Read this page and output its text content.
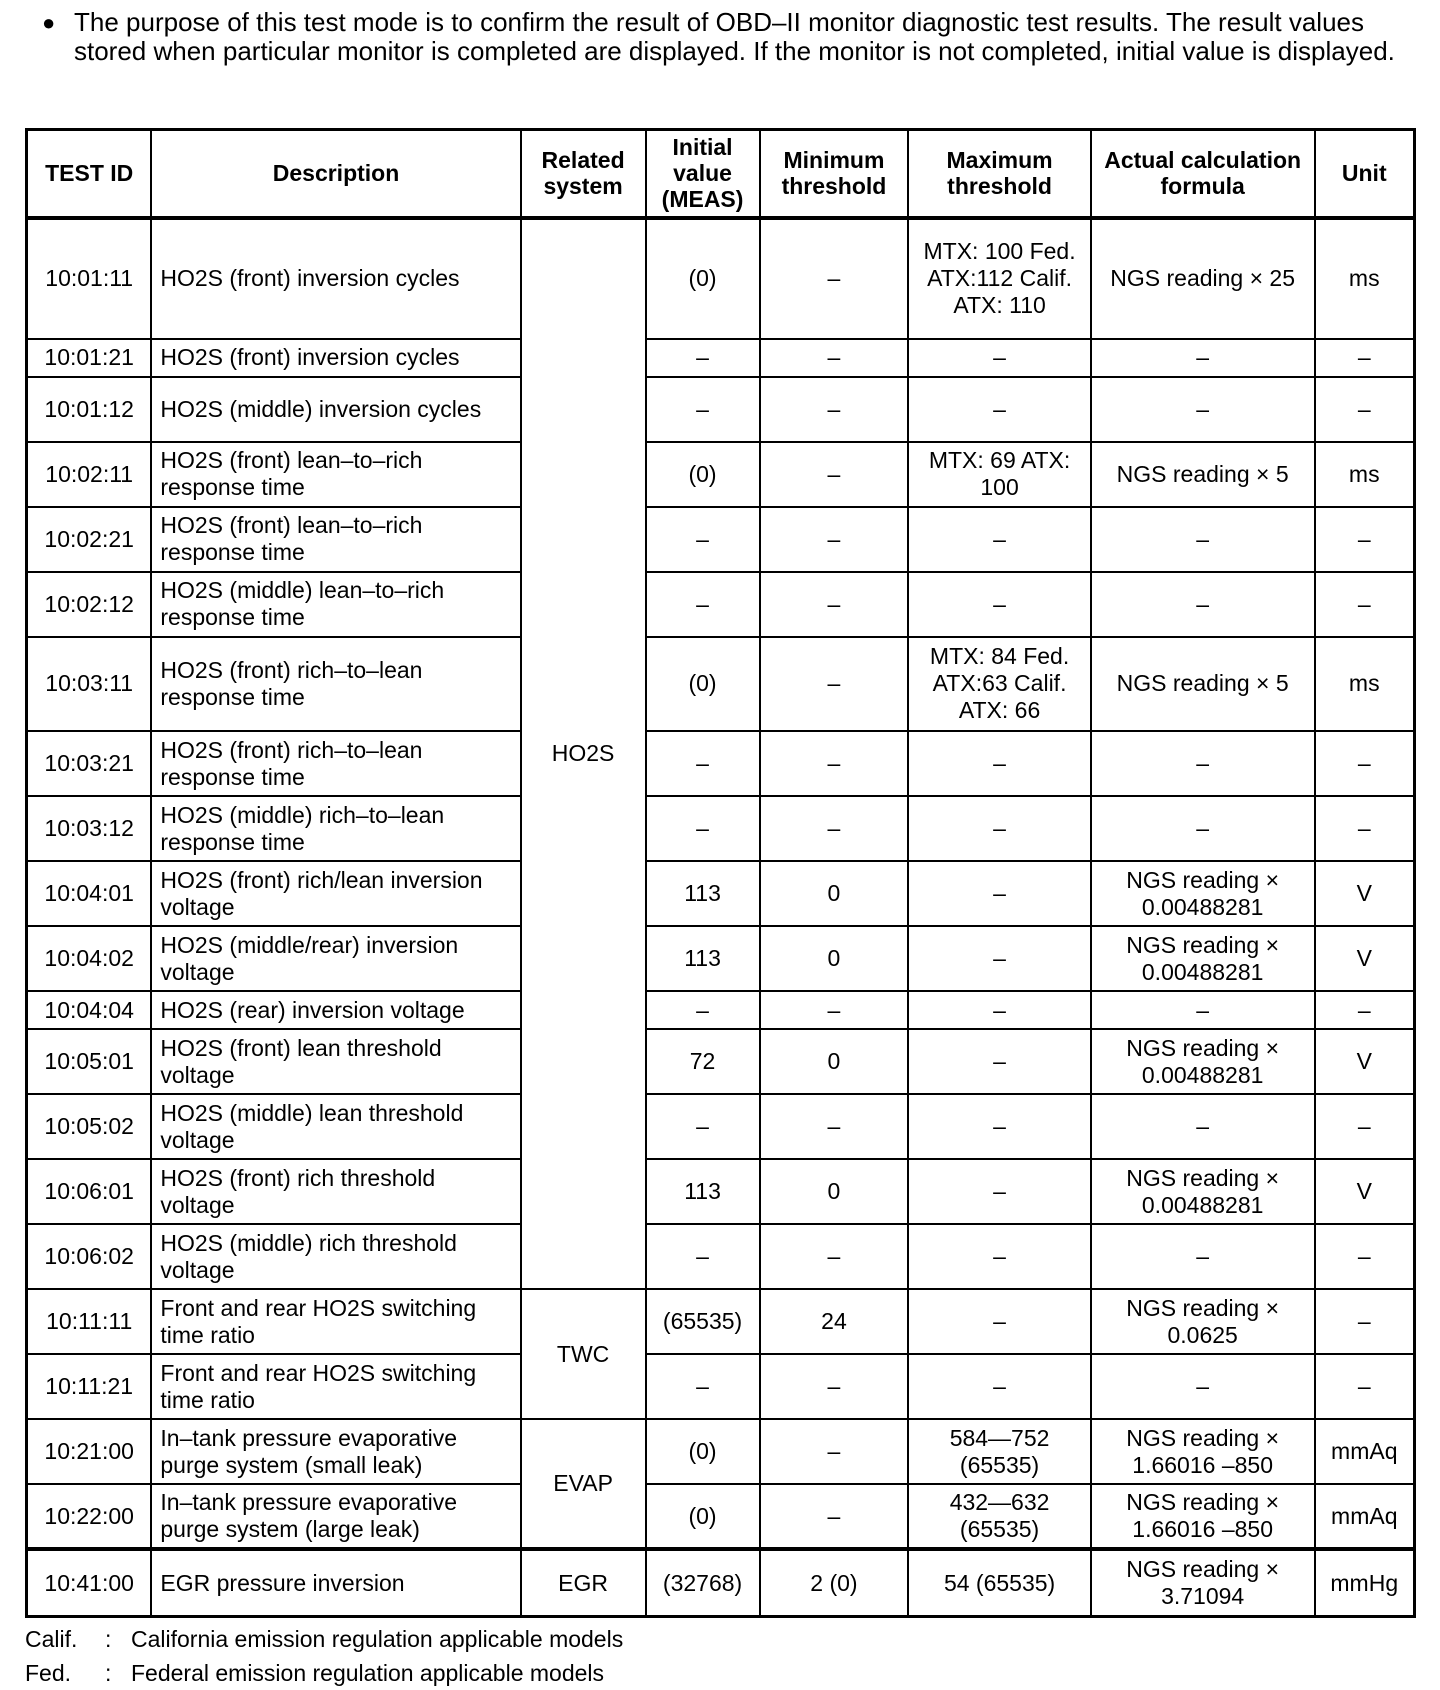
● The purpose of this test mode is to confirm the result of OBD–II monitor diagnostic test results. The result values stored when particular monitor is completed are displayed. If the monitor is not completed, initial value is displayed.
TEST ID	Description	Related system	Initial value (MEAS)	Minimum threshold	Maximum threshold	Actual calculation formula	Unit
10:01:11	HO2S (front) inversion cycles	HO2S	(0)	–	MTX: 100 Fed. ATX:112 Calif. ATX: 110	NGS reading × 25	ms
10:01:21	HO2S (front) inversion cycles		–	–	–	–	–
10:01:12	HO2S (middle) inversion cycles		–	–	–	–	–
10:02:11	HO2S (front) lean–to–rich response time		(0)	–	MTX: 69 ATX: 100	NGS reading × 5	ms
10:02:21	HO2S (front) lean–to–rich response time		–	–	–	–	–
10:02:12	HO2S (middle) lean–to–rich response time		–	–	–	–	–
10:03:11	HO2S (front) rich–to–lean response time		(0)	–	MTX: 84 Fed. ATX:63 Calif. ATX: 66	NGS reading × 5	ms
10:03:21	HO2S (front) rich–to–lean response time		–	–	–	–	–
10:03:12	HO2S (middle) rich–to–lean response time		–	–	–	–	–
10:04:01	HO2S (front) rich/lean inversion voltage		113	0	–	NGS reading × 0.00488281	V
10:04:02	HO2S (middle/rear) inversion voltage		113	0	–	NGS reading × 0.00488281	V
10:04:04	HO2S (rear) inversion voltage		–	–	–	–	–
10:05:01	HO2S (front) lean threshold voltage		72	0	–	NGS reading × 0.00488281	V
10:05:02	HO2S (middle) lean threshold voltage		–	–	–	–	–
10:06:01	HO2S (front) rich threshold voltage		113	0	–	NGS reading × 0.00488281	V
10:06:02	HO2S (middle) rich threshold voltage		–	–	–	–	–
10:11:11	Front and rear HO2S switching time ratio	TWC	(65535)	24	–	NGS reading × 0.0625	–
10:11:21	Front and rear HO2S switching time ratio		–	–	–	–	–
10:21:00	In–tank pressure evaporative purge system (small leak)	EVAP	(0)	–	584—752 (65535)	NGS reading × 1.66016 –850	mmAq
10:22:00	In–tank pressure evaporative purge system (large leak)		(0)	–	432—632 (65535)	NGS reading × 1.66016 –850	mmAq
10:41:00	EGR pressure inversion	EGR	(32768)	2 (0)	54 (65535)	NGS reading × 3.71094	mmHg
Calif.	: California emission regulation applicable models
Fed.	: Federal emission regulation applicable models
